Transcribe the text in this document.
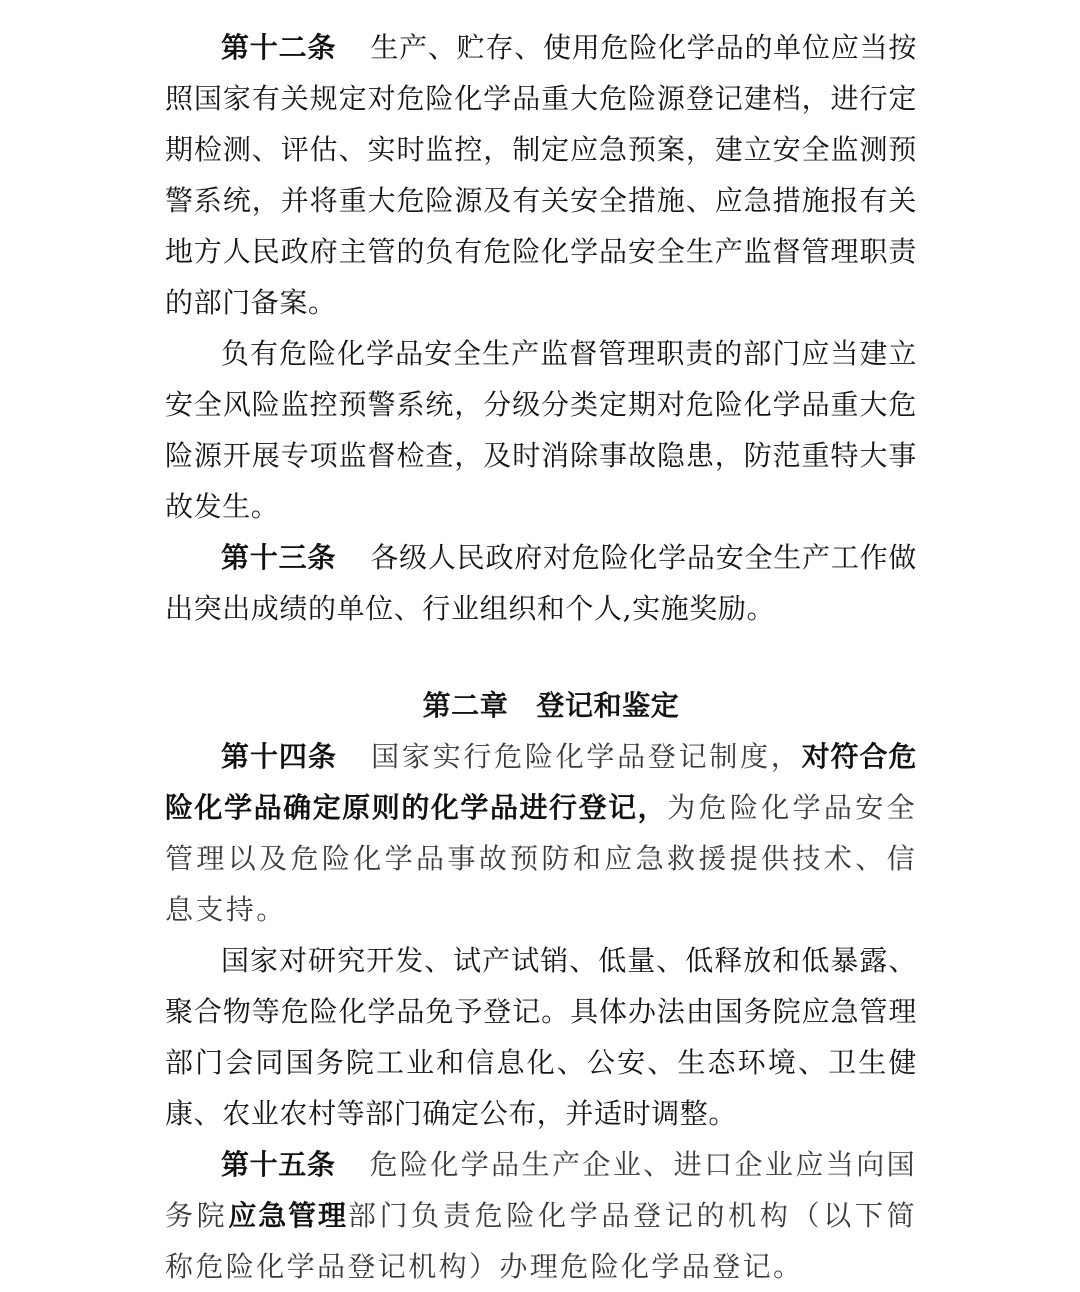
第十二条 生产、贮存、使用危险化学品的单位应当按照国家有关规定对危险化学品重大危险源登记建档，进行定期检测、评估、实时监控，制定应急预案，建立安全监测预警系统，并将重大危险源及有关安全措施、应急措施报有关地方人民政府主管的负有危险化学品安全生产监督管理职责的部门备案。

负有危险化学品安全生产监督管理职责的部门应当建立安全风险监控预警系统，分级分类定期对危险化学品重大危险源开展专项监督检查，及时消除事故隐患，防范重特大事故发生。

第十三条 各级人民政府对危险化学品安全生产工作做出突出成绩的单位、行业组织和个人,实施奖励。

第二章 登记和鉴定

第十四条 国家实行危险化学品登记制度，对符合危险化学品确定原则的化学品进行登记，为危险化学品安全管理以及危险化学品事故预防和应急救援提供技术、信息支持。

国家对研究开发、试产试销、低量、低释放和低暴露、聚合物等危险化学品免予登记。具体办法由国务院应急管理部门会同国务院工业和信息化、公安、生态环境、卫生健康、农业农村等部门确定公布，并适时调整。

第十五条 危险化学品生产企业、进口企业应当向国务院应急管理部门负责危险化学品登记的机构（以下简称危险化学品登记机构）办理危险化学品登记。
